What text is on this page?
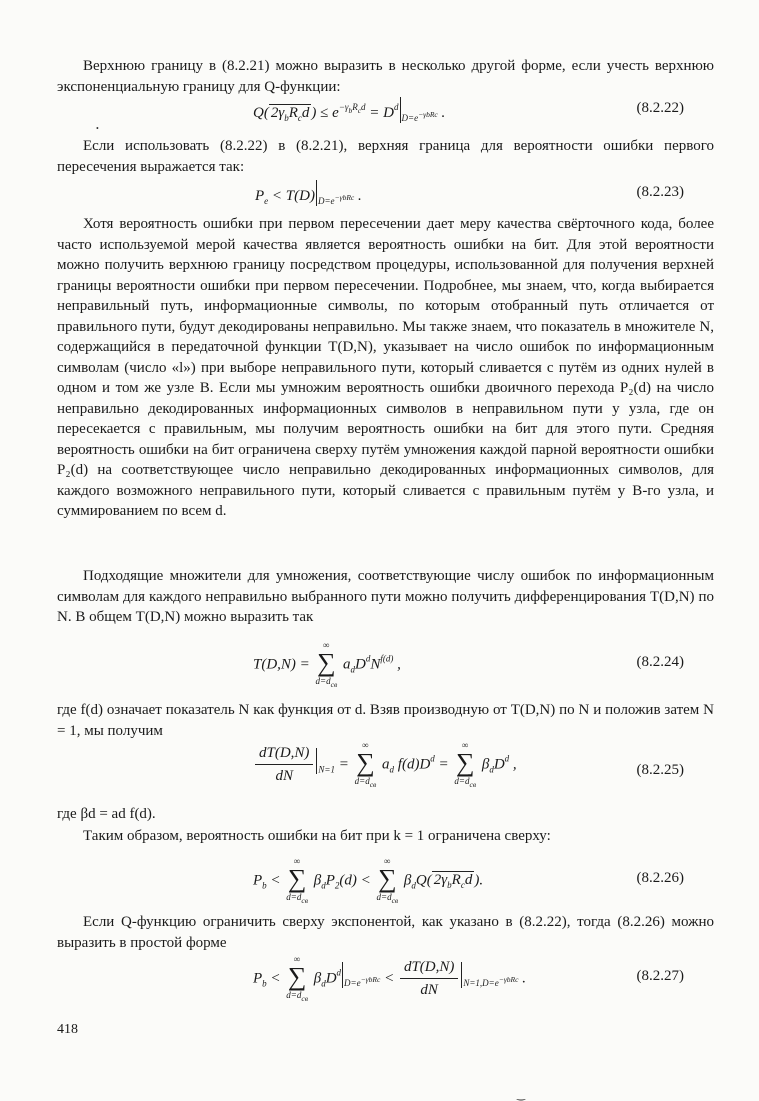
Верхнюю границу в (8.2.21) можно выразить в несколько другой форме, если учесть верхнюю экспоненциальную границу для Q-функции:

Q( $2\gamma_bR_cd$ ) ≤ $e^{-\gamma_bR_cd} = D^d_{D=e^{-\gamma bRc}}$ .	(8.2.22)

Если использовать (8.2.22) в (8.2.21), верхняя граница для вероятности ошибки первого пересечения выражается так:

$P_e < T(D)$ $_{D=e^{-\gamma bRc}}$ .	(8.2.23)

Хотя вероятность ошибки при первом пересечении дает меру качества свёрточного кода, более часто используемой мерой качества является вероятность ошибки на бит. Для этой вероятности можно получить верхнюю границу посредством процедуры, использованной для получения верхней границы вероятности ошибки при первом пересечении. Подробнее, мы знаем, что, когда выбирается неправильный путь, информационные символы, по которым отобранный путь отличается от правильного пути, будут декодированы неправильно. Мы также знаем, что показатель в множителе N, содержащийся в передаточной функции T(D,N), указывает на число ошибок по информационным символам (число «l») при выборе неправильного пути, который сливается с путём из одних нулей в одном и том же узле B. Если мы умножим вероятность ошибки двоичного перехода P₂(d) на число неправильно декодированных информационных символов в неправильном пути у узла, где он пересекается с правильным, мы получим вероятность ошибки на бит для этого пути. Средняя вероятность ошибки на бит ограничена сверху путём умножения каждой парной вероятности ошибки P₂(d) на соответствующее число неправильно декодированных информационных символов, для каждого возможного неправильного пути, который сливается с правильным путём у B-го узла, и суммированием по всем d.

Подходящие множители для умножения, соответствующие числу ошибок по информационным символам для каждого неправильно выбранного пути можно получить дифференцирования T(D,N) по N. В общем T(D,N) можно выразить так

T(D,N) =
∞
∑
$d=d_{св}$
$a_dD^dN^{f(d)}$ ,	(8.2.24)

где f(d) означает показатель N как функция от d. Взяв производную от T(D,N) по N и положив затем N = 1, мы получим

$\frac{dT(D,N)}{dN} _{N=1}$ =
∞
∑
$d=d_{св}$
$a_d$ $f(d)D^d$ =
∞
∑
$d=d_{св}$
$\beta_dD^d$ ,	(8.2.25)

где βd = ad f(d).

Таким образом, вероятность ошибки на бит при k = 1 ограничена сверху:

$P_b$ <
∞
∑
$d=d_{св}$
$\beta_dP_2(d)$ <
∞
∑
$d=d_{св}$
$\beta_dQ$( $2\gamma_bR_cd$ ).	(8.2.26)

Если Q-функцию ограничить сверху экспонентой, как указано в (8.2.22), тогда (8.2.26) можно выразить в простой форме

$P_b$ <
∞
∑
$d=d_{св}$
$\beta_dD^d_{D=e^{-\gamma bRc}} < \frac{dT(D,N)}{dN} _{N=1,D=e^{-\gamma bRc}}$ .	(8.2.27)
418
•
‿
